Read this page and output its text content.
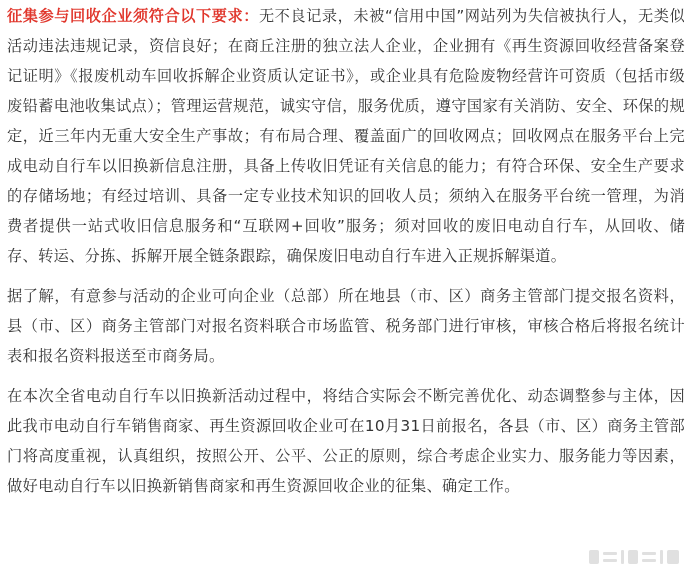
征集参与回收企业须符合以下要求：无不良记录，未被“信用中国”网站列为失信被执行人，无类似活动违法违规记录，资信良好；在商丘注册的独立法人企业，企业拥有《再生资源回收经营备案登记证明》《报废机动车回收拆解企业资质认定证书》，或企业具有危险废物经营许可资质（包括市级废铅蓄电池收集试点）；管理运营规范，诚实守信，服务优质，遵守国家有关消防、安全、环保的规定，近三年内无重大安全生产事故；有布局合理、覆盖面广的回收网点；回收网点在服务平台上完成电动自行车以旧换新信息注册，具备上传收旧凭证有关信息的能力；有符合环保、安全生产要求的存储场地；有经过培训、具备一定专业技术知识的回收人员；须纳入在服务平台统一管理，为消费者提供一站式收旧信息服务和“互联网+回收”服务；须对回收的废旧电动自行车，从回收、储存、转运、分拣、拆解开展全链条跟踪，确保废旧电动自行车进入正规拆解渠道。

据了解，有意参与活动的企业可向企业（总部）所在地县（市、区）商务主管部门提交报名资料，县（市、区）商务主管部门对报名资料联合市场监管、税务部门进行审核，审核合格后将报名统计表和报名资料报送至市商务局。

在本次全省电动自行车以旧换新活动过程中，将结合实际会不断完善优化、动态调整参与主体，因此我市电动自行车销售商家、再生资源回收企业可在10月31日前报名，各县（市、区）商务主管部门将高度重视，认真组织，按照公开、公平、公正的原则，综合考虑企业实力、服务能力等因素，做好电动自行车以旧换新销售商家和再生资源回收企业的征集、确定工作。
